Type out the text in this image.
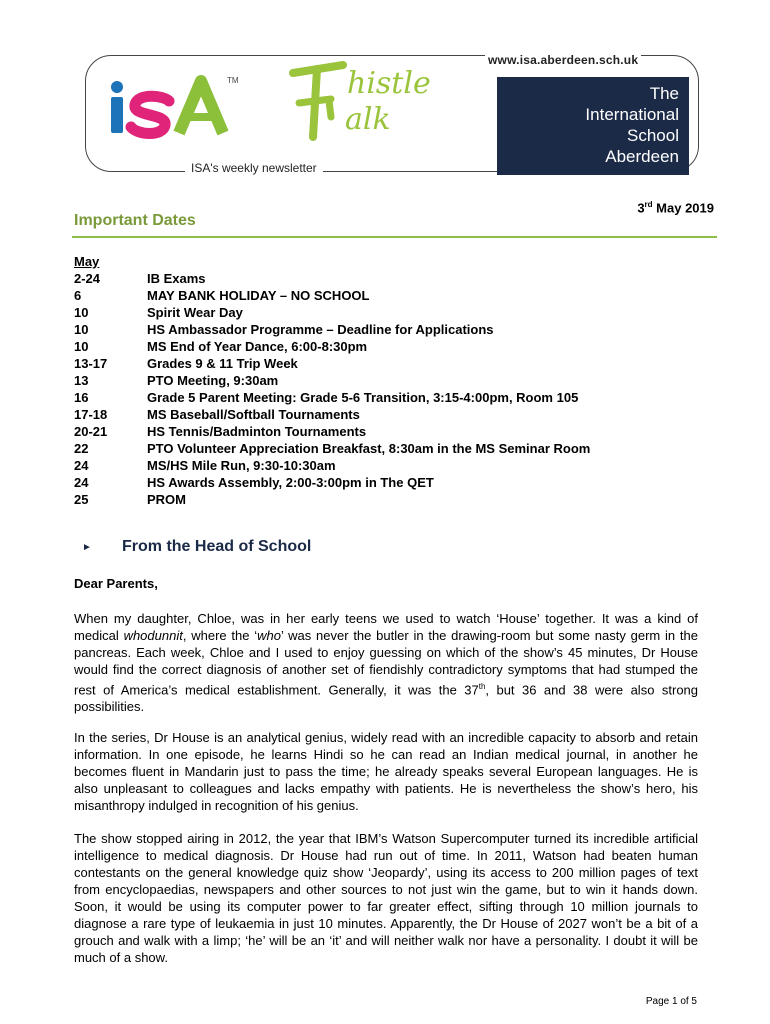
www.isa.aberdeen.sch.uk
TM	histle
alk
ISA's weekly newsletter
The
International
School
Aberdeen
3rd May 2019
Important Dates
May
2-24	IB Exams
6	MAY BANK HOLIDAY – NO SCHOOL
10	Spirit Wear Day
10	HS Ambassador Programme – Deadline for Applications
10	MS End of Year Dance, 6:00-8:30pm
13-17	Grades 9 & 11 Trip Week
13	PTO Meeting, 9:30am
16	Grade 5 Parent Meeting: Grade 5-6 Transition, 3:15-4:00pm, Room 105
17-18	MS Baseball/Softball Tournaments
20-21	HS Tennis/Badminton Tournaments
22	PTO Volunteer Appreciation Breakfast, 8:30am in the MS Seminar Room
24	MS/HS Mile Run, 9:30-10:30am
24	HS Awards Assembly, 2:00-3:00pm in The QET
25	PROM
►	From the Head of School
Dear Parents,

When my daughter, Chloe, was in her early teens we used to watch ‘House’ together. It was a kind of medical whodunnit, where the ‘who’ was never the butler in the drawing-room but some nasty germ in the pancreas. Each week, Chloe and I used to enjoy guessing on which of the show’s 45 minutes, Dr House would find the correct diagnosis of another set of fiendishly contradictory symptoms that had stumped the rest of America’s medical establishment. Generally, it was the 37th, but 36 and 38 were also strong possibilities.

In the series, Dr House is an analytical genius, widely read with an incredible capacity to absorb and retain information. In one episode, he learns Hindi so he can read an Indian medical journal, in another he becomes fluent in Mandarin just to pass the time; he already speaks several European languages. He is also unpleasant to colleagues and lacks empathy with patients. He is nevertheless the show’s hero, his misanthropy indulged in recognition of his genius.

The show stopped airing in 2012, the year that IBM’s Watson Supercomputer turned its incredible artificial intelligence to medical diagnosis. Dr House had run out of time. In 2011, Watson had beaten human contestants on the general knowledge quiz show ‘Jeopardy’, using its access to 200 million pages of text from encyclopaedias, newspapers and other sources to not just win the game, but to win it hands down. Soon, it would be using its computer power to far greater effect, sifting through 10 million journals to diagnose a rare type of leukaemia in just 10 minutes. Apparently, the Dr House of 2027 won’t be a bit of a grouch and walk with a limp; ‘he’ will be an ‘it’ and will neither walk nor have a personality. I doubt it will be much of a show.

Page 1 of 5
